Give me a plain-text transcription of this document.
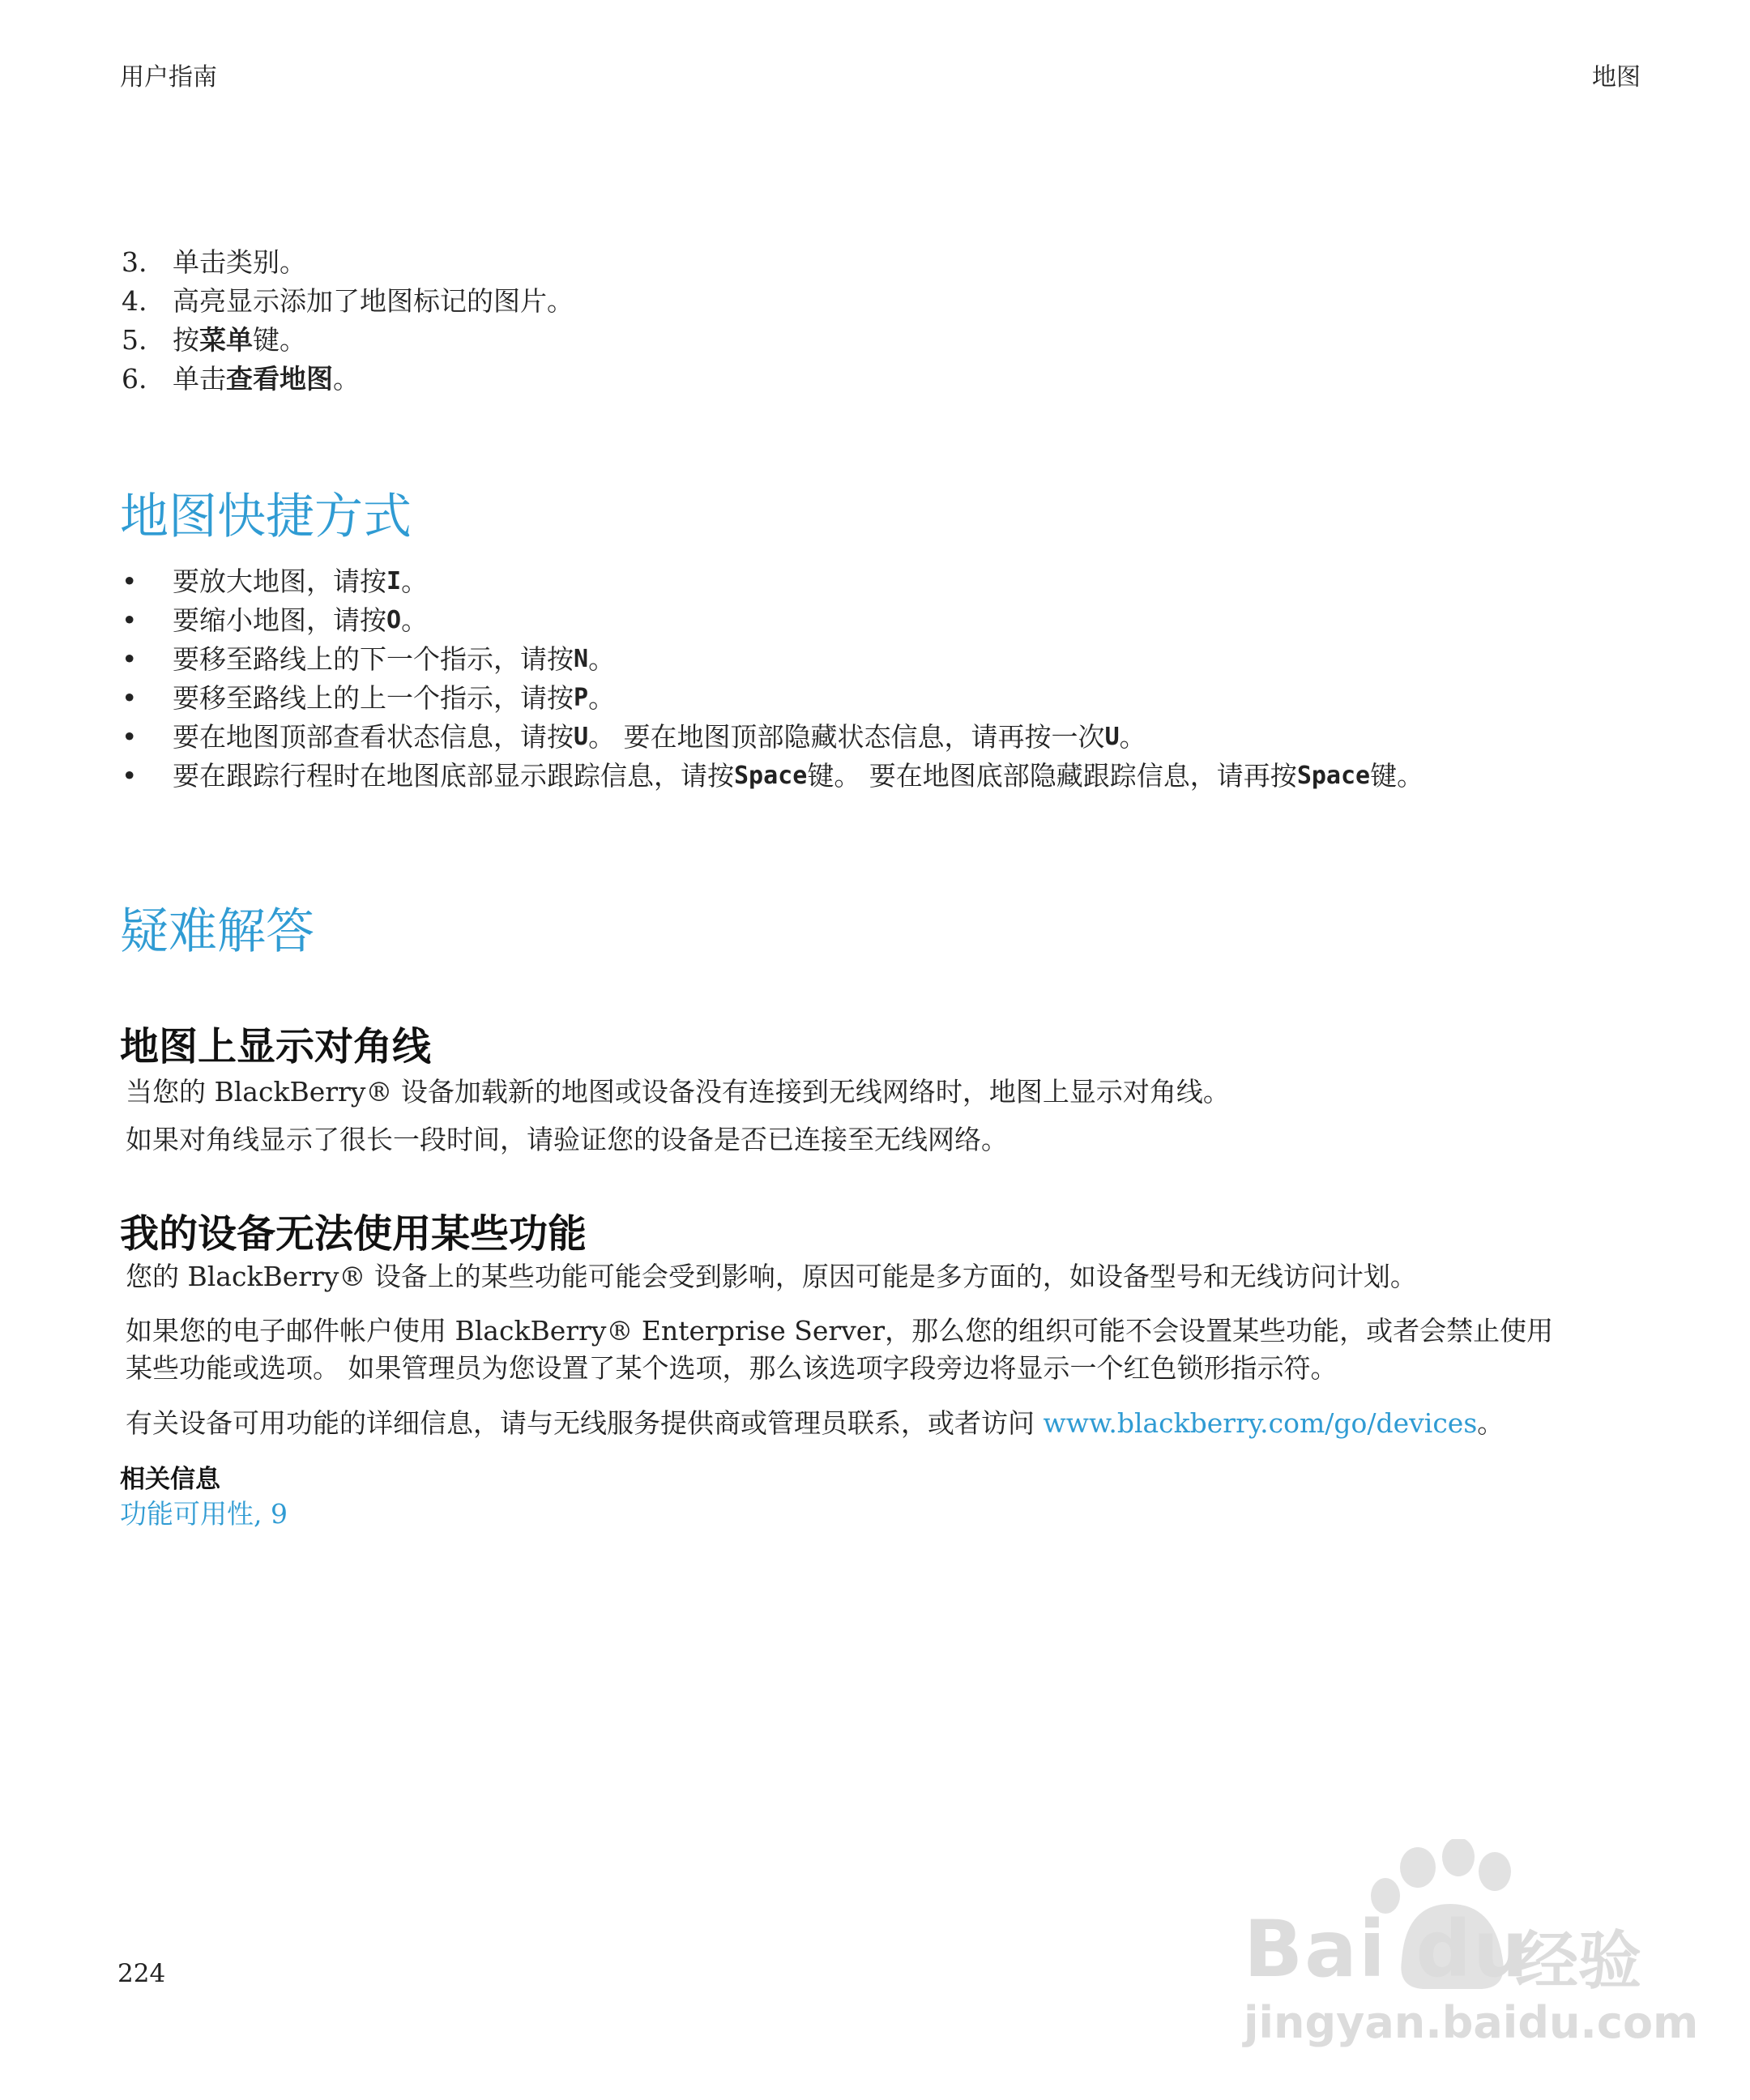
用户指南	地图
3. 单击类别。
4. 高亮显示添加了地图标记的图片。
5. 按 菜单 键。
6. 单击 查看地图 。
地图快捷方式
•	要放大地图，请按 I 。
•	要缩小地图，请按 O 。
•	要移至路线上的下一个指示，请按 N 。
•	要移至路线上的上一个指示，请按 P 。
•	要在地图顶部查看状态信息，请按 U 。 要在地图顶部隐藏状态信息，请再按一次 U 。
•	要在跟踪行程时在地图底部显示跟踪信息，请按 Space 键。 要在地图底部隐藏跟踪信息，请再按 Space 键。
疑难解答
地图上显示对角线
当您的 BlackBerry® 设备加载新的地图或设备没有连接到无线网络时，地图上显示对角线。
如果对角线显示了很长一段时间，请验证您的设备是否已连接至无线网络。
我的设备无法使用某些功能
您的 BlackBerry® 设备上的某些功能可能会受到影响，原因可能是多方面的，如设备型号和无线访问计划。
如果您的电子邮件帐户使用 BlackBerry® Enterprise Server，那么您的组织可能不会设置某些功能，或者会禁止使用
某些功能或选项。 如果管理员为您设置了某个选项，那么该选项字段旁边将显示一个红色锁形指示符。
有关设备可用功能的详细信息，请与无线服务提供商或管理员联系，或者访问 www.blackberry.com/go/devices。
相关信息
功能可用性, 9
224	Bai du
经验
jingyan.baidu.com
